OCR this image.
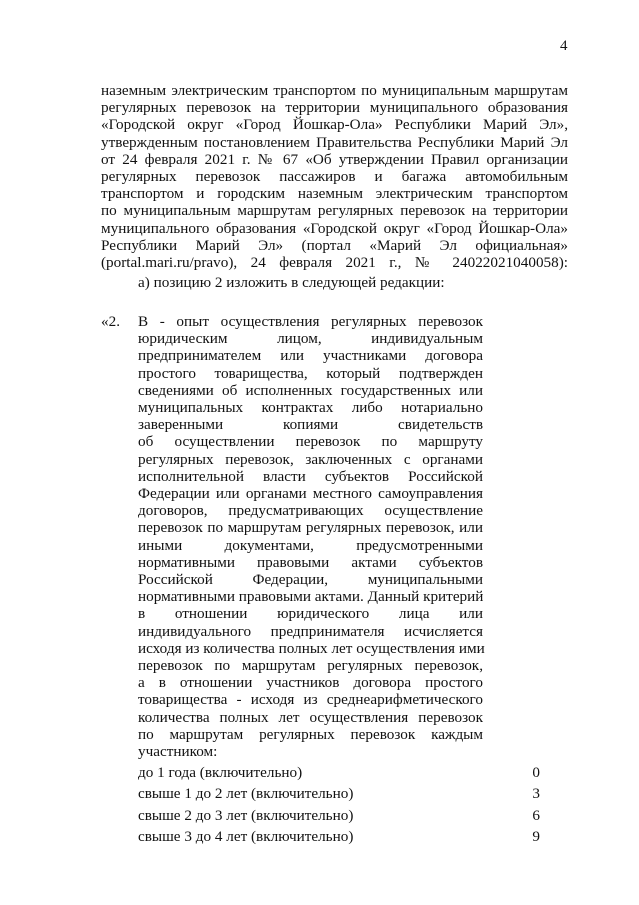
4
наземным электрическим транспортом по муниципальным маршрутам
регулярных перевозок на территории муниципального образования
«Городской округ «Город Йошкар-Ола» Республики Марий Эл»,
утвержденным постановлением Правительства Республики Марий Эл
от 24 февраля 2021 г. № 67 «Об утверждении Правил организации
регулярных перевозок пассажиров и багажа автомобильным
транспортом и городским наземным электрическим транспортом
по муниципальным маршрутам регулярных перевозок на территории
муниципального образования «Городской округ «Город Йошкар-Ола»
Республики Марий Эл» (портал «Марий Эл официальная»
(portal.mari.ru/pravo), 24 февраля 2021 г., № 24022021040058):
а) позицию 2 изложить в следующей редакции:
«2. В - опыт осуществления регулярных перевозок
юридическим лицом, индивидуальным
предпринимателем или участниками договора
простого товарищества, который подтвержден
сведениями об исполненных государственных или
муниципальных контрактах либо нотариально
заверенными копиями свидетельств
об осуществлении перевозок по маршруту
регулярных перевозок, заключенных с органами
исполнительной власти субъектов Российской
Федерации или органами местного самоуправления
договоров, предусматривающих осуществление
перевозок по маршрутам регулярных перевозок, или
иными документами, предусмотренными
нормативными правовыми актами субъектов
Российской Федерации, муниципальными
нормативными правовыми актами. Данный критерий
в отношении юридического лица или
индивидуального предпринимателя исчисляется
исходя из количества полных лет осуществления ими
перевозок по маршрутам регулярных перевозок,
а в отношении участников договора простого
товарищества - исходя из среднеарифметического
количества полных лет осуществления перевозок
по маршрутам регулярных перевозок каждым
участником:
до 1 года (включительно)	0
свыше 1 до 2 лет (включительно)	3
свыше 2 до 3 лет (включительно)	6
свыше 3 до 4 лет (включительно)	9
